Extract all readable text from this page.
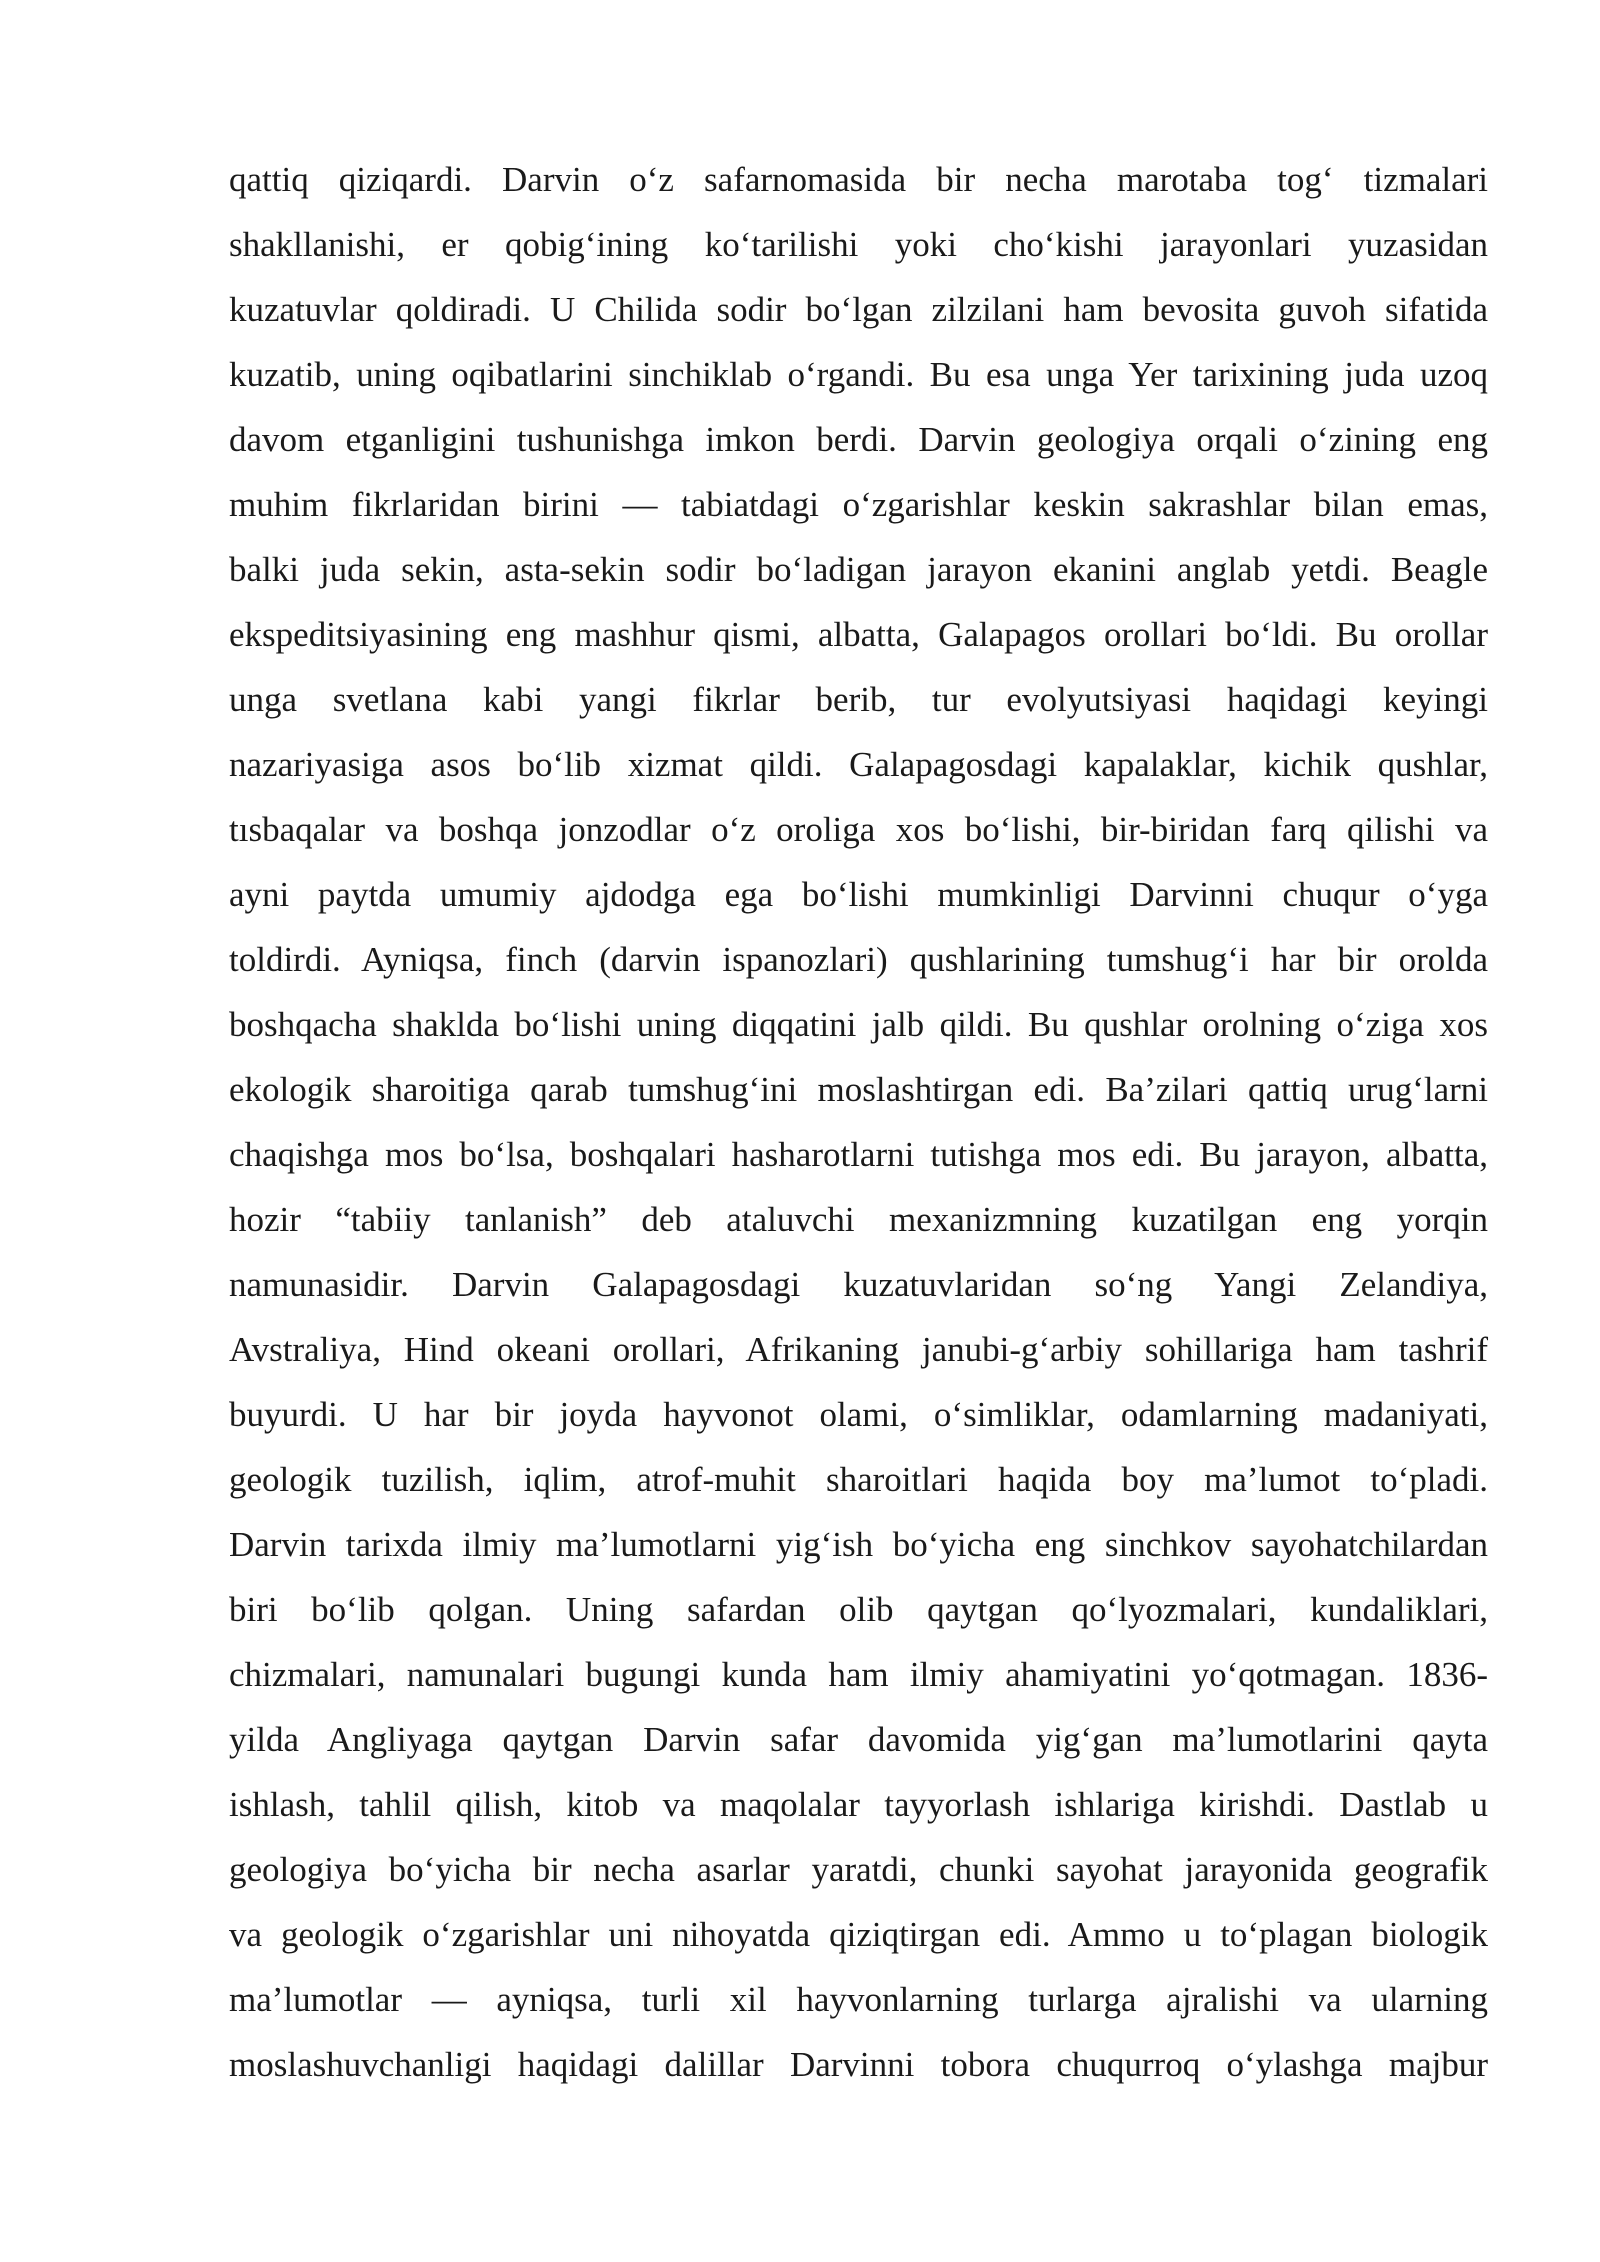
qattiq qiziqardi. Darvin o‘z safarnomasida bir necha marotaba tog‘ tizmalari
shakllanishi, er qobig‘ining ko‘tarilishi yoki cho‘kishi jarayonlari yuzasidan
kuzatuvlar qoldiradi. U Chilida sodir bo‘lgan zilzilani ham bevosita guvoh sifatida
kuzatib, uning oqibatlarini sinchiklab o‘rgandi. Bu esa unga Yer tarixining juda uzoq
davom etganligini tushunishga imkon berdi. Darvin geologiya orqali o‘zining eng
muhim fikrlaridan birini — tabiatdagi o‘zgarishlar keskin sakrashlar bilan emas,
balki juda sekin, asta-sekin sodir bo‘ladigan jarayon ekanini anglab yetdi. Beagle
ekspeditsiyasining eng mashhur qismi, albatta, Galapagos orollari bo‘ldi. Bu orollar
unga svetlana kabi yangi fikrlar berib, tur evolyutsiyasi haqidagi keyingi
nazariyasiga asos bo‘lib xizmat qildi. Galapagosdagi kapalaklar, kichik qushlar,
tısbaqalar va boshqa jonzodlar o‘z oroliga xos bo‘lishi, bir-biridan farq qilishi va
ayni paytda umumiy ajdodga ega bo‘lishi mumkinligi Darvinni chuqur o‘yga
toldirdi. Ayniqsa, finch (darvin ispanozlari) qushlarining tumshug‘i har bir orolda
boshqacha shaklda bo‘lishi uning diqqatini jalb qildi. Bu qushlar orolning o‘ziga xos
ekologik sharoitiga qarab tumshug‘ini moslashtirgan edi. Ba’zilari qattiq urug‘larni
chaqishga mos bo‘lsa, boshqalari hasharotlarni tutishga mos edi. Bu jarayon, albatta,
hozir “tabiiy tanlanish” deb ataluvchi mexanizmning kuzatilgan eng yorqin
namunasidir. Darvin Galapagosdagi kuzatuvlaridan so‘ng Yangi Zelandiya,
Avstraliya, Hind okeani orollari, Afrikaning janubi-g‘arbiy sohillariga ham tashrif
buyurdi. U har bir joyda hayvonot olami, o‘simliklar, odamlarning madaniyati,
geologik tuzilish, iqlim, atrof-muhit sharoitlari haqida boy ma’lumot to‘pladi.
Darvin tarixda ilmiy ma’lumotlarni yig‘ish bo‘yicha eng sinchkov sayohatchilardan
biri bo‘lib qolgan. Uning safardan olib qaytgan qo‘lyozmalari, kundaliklari,
chizmalari, namunalari bugungi kunda ham ilmiy ahamiyatini yo‘qotmagan. 1836-
yilda Angliyaga qaytgan Darvin safar davomida yig‘gan ma’lumotlarini qayta
ishlash, tahlil qilish, kitob va maqolalar tayyorlash ishlariga kirishdi. Dastlab u
geologiya bo‘yicha bir necha asarlar yaratdi, chunki sayohat jarayonida geografik
va geologik o‘zgarishlar uni nihoyatda qiziqtirgan edi. Ammo u to‘plagan biologik
ma’lumotlar — ayniqsa, turli xil hayvonlarning turlarga ajralishi va ularning
moslashuvchanligi haqidagi dalillar Darvinni tobora chuqurroq o‘ylashga majbur
